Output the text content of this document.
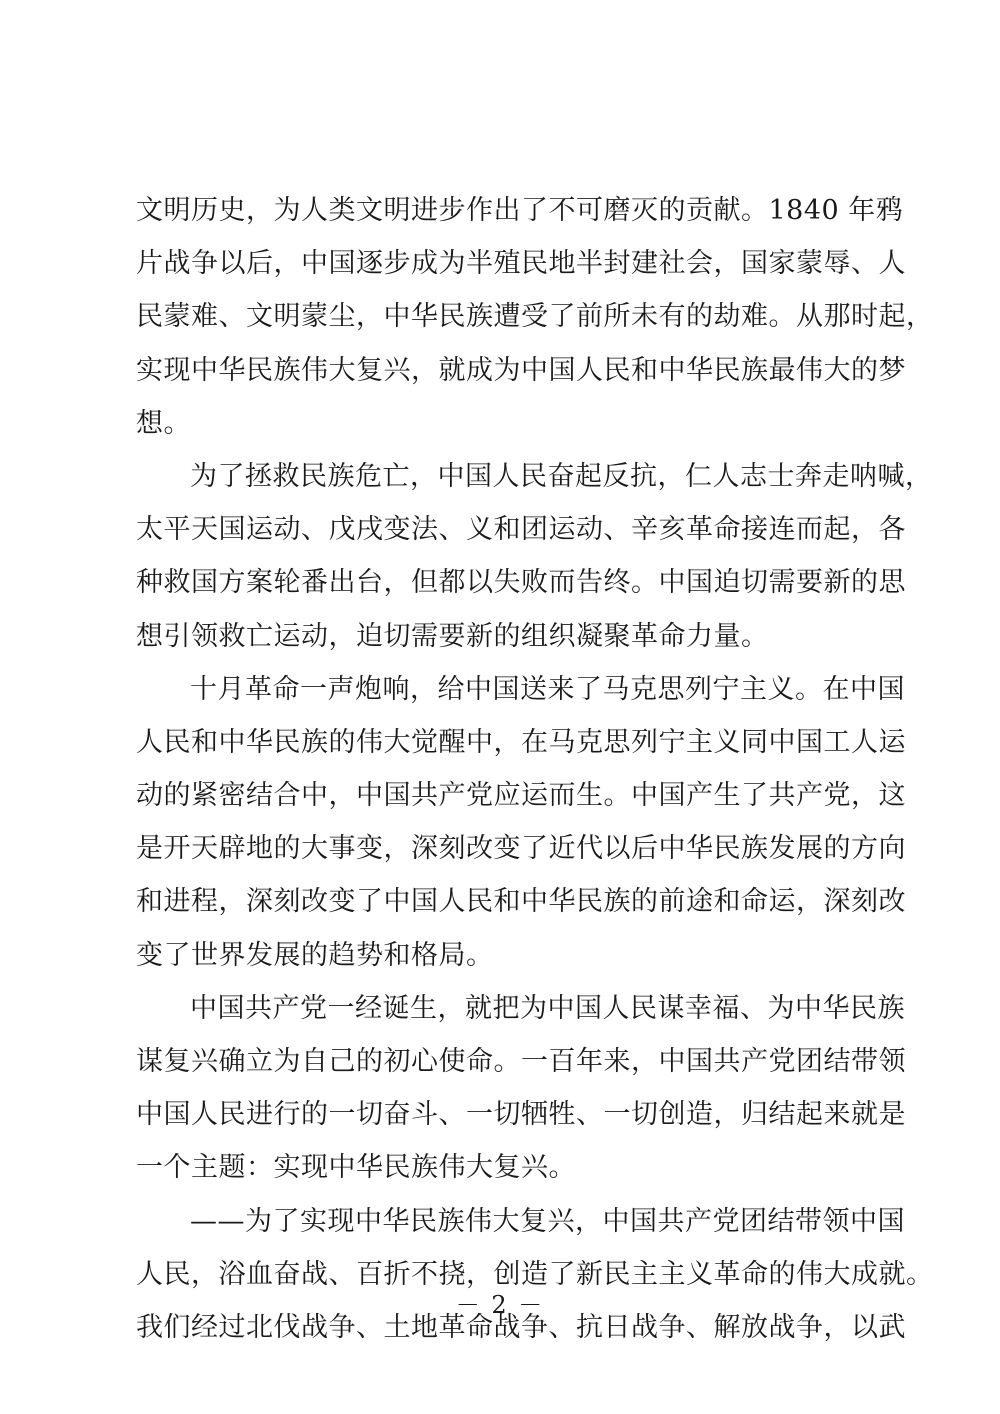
文明历史，为人类文明进步作出了不可磨灭的贡献。1840 年鸦
片战争以后，中国逐步成为半殖民地半封建社会，国家蒙辱、人
民蒙难、文明蒙尘，中华民族遭受了前所未有的劫难。从那时起，
实现中华民族伟大复兴，就成为中国人民和中华民族最伟大的梦
想。
为了拯救民族危亡，中国人民奋起反抗，仁人志士奔走呐喊，
太平天国运动、戊戌变法、义和团运动、辛亥革命接连而起，各
种救国方案轮番出台，但都以失败而告终。中国迫切需要新的思
想引领救亡运动，迫切需要新的组织凝聚革命力量。
十月革命一声炮响，给中国送来了马克思列宁主义。在中国
人民和中华民族的伟大觉醒中，在马克思列宁主义同中国工人运
动的紧密结合中，中国共产党应运而生。中国产生了共产党，这
是开天辟地的大事变，深刻改变了近代以后中华民族发展的方向
和进程，深刻改变了中国人民和中华民族的前途和命运，深刻改
变了世界发展的趋势和格局。
中国共产党一经诞生，就把为中国人民谋幸福、为中华民族
谋复兴确立为自己的初心使命。一百年来，中国共产党团结带领
中国人民进行的一切奋斗、一切牺牲、一切创造，归结起来就是
一个主题：实现中华民族伟大复兴。
——为了实现中华民族伟大复兴，中国共产党团结带领中国
人民，浴血奋战、百折不挠，创造了新民主主义革命的伟大成就。
我们经过北伐战争、土地革命战争、抗日战争、解放战争，以武
－ 2 －
